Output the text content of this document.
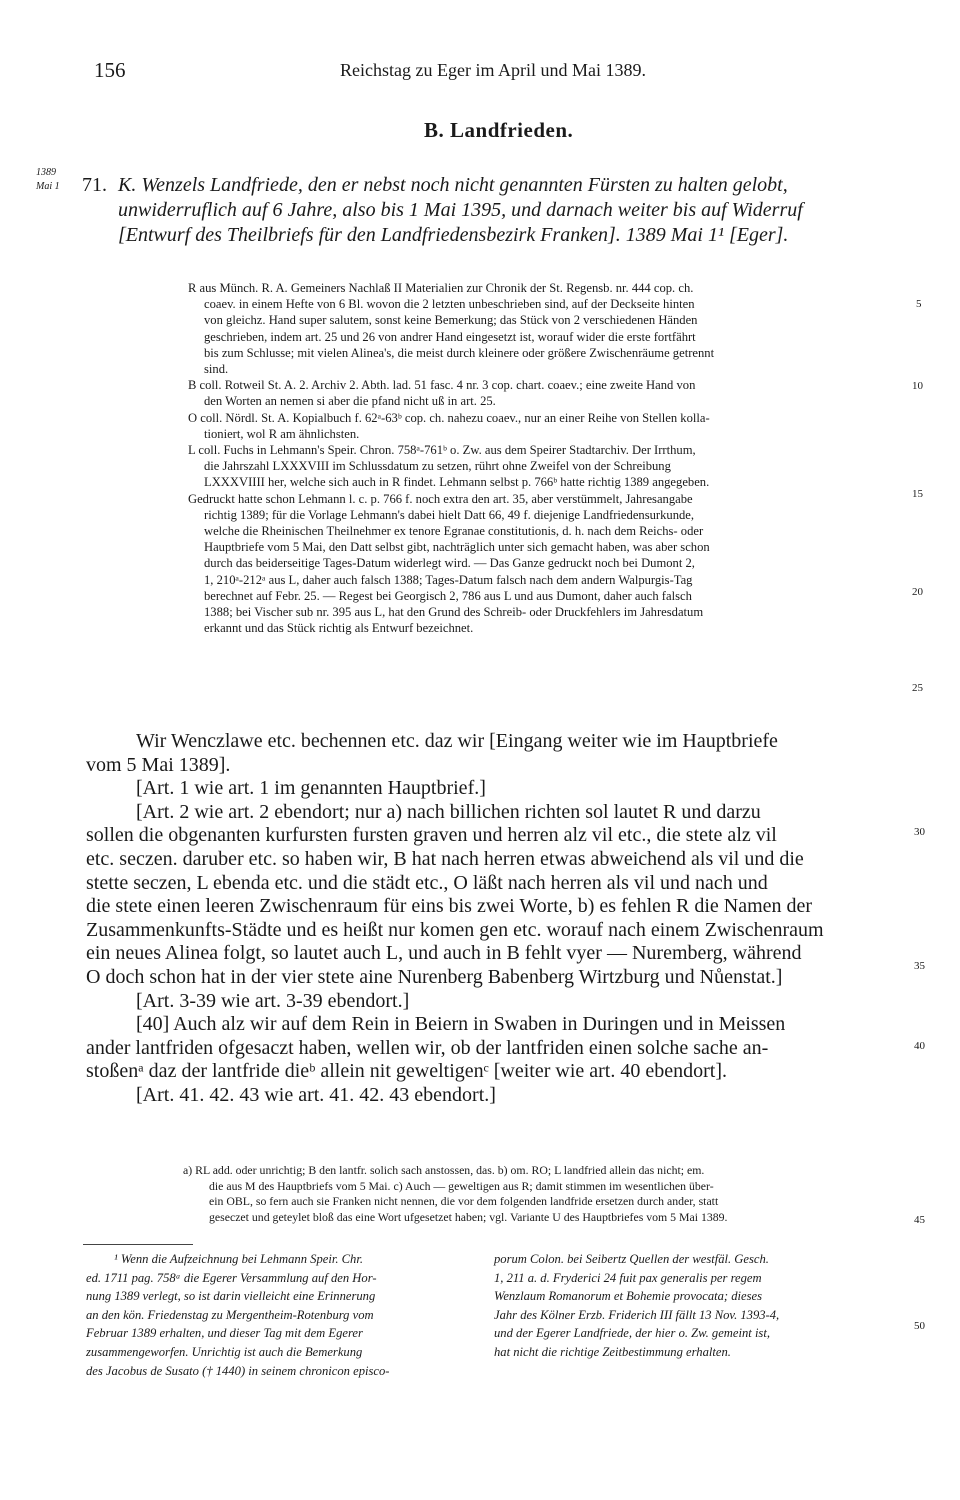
156	Reichstag zu Eger im April und Mai 1389.
B. Landfrieden.
1389
Mai 1 71. K. Wenzels Landfriede, den er nebst noch nicht genannten Fürsten zu halten gelobt,
unwiderruflich auf 6 Jahre, also bis 1 Mai 1395, und darnach weiter bis auf Widerruf
[Entwurf des Theilbriefs für den Landfriedensbezirk Franken]. 1389 Mai 1¹ [Eger].
R aus Münch. R. A. Gemeiners Nachlaß II Materialien zur Chronik der St. Regensb. nr. 444 cop. ch.
coaev. in einem Hefte von 6 Bl. wovon die 2 letzten unbeschrieben sind, auf der Deckseite hinten
von gleichz. Hand super salutem, sonst keine Bemerkung; das Stück von 2 verschiedenen Händen
geschrieben, indem art. 25 und 26 von andrer Hand eingesetzt ist, worauf wider die erste fortfährt
bis zum Schlusse; mit vielen Alinea's, die meist durch kleinere oder größere Zwischenräume getrennt
sind.
B coll. Rotweil St. A. 2. Archiv 2. Abth. lad. 51 fasc. 4 nr. 3 cop. chart. coaev.; eine zweite Hand von
den Worten an nemen si aber die pfand nicht uß in art. 25.
O coll. Nördl. St. A. Kopialbuch f. 62ᵃ-63ᵇ cop. ch. nahezu coaev., nur an einer Reihe von Stellen kolla-
tioniert, wol R am ähnlichsten.
L coll. Fuchs in Lehmann's Speir. Chron. 758ᵃ-761ᵇ o. Zw. aus dem Speirer Stadtarchiv. Der Irrthum,
die Jahrszahl LXXXVIII im Schlussdatum zu setzen, rührt ohne Zweifel von der Schreibung
LXXXVIIII her, welche sich auch in R findet. Lehmann selbst p. 766ᵇ hatte richtig 1389 angegeben.
Gedruckt hatte schon Lehmann l. c. p. 766 f. noch extra den art. 35, aber verstümmelt, Jahresangabe
richtig 1389; für die Vorlage Lehmann's dabei hielt Datt 66, 49 f. diejenige Landfriedensurkunde,
welche die Rheinischen Theilnehmer ex tenore Egranae constitutionis, d. h. nach dem Reichs- oder
Hauptbriefe vom 5 Mai, den Datt selbst gibt, nachträglich unter sich gemacht haben, was aber schon
durch das beiderseitige Tages-Datum widerlegt wird. — Das Ganze gedruckt noch bei Dumont 2,
1, 210ᵃ-212ᵃ aus L, daher auch falsch 1388; Tages-Datum falsch nach dem andern Walpurgis-Tag
berechnet auf Febr. 25. — Regest bei Georgisch 2, 786 aus L und aus Dumont, daher auch falsch
1388; bei Vischer sub nr. 395 aus L, hat den Grund des Schreib- oder Druckfehlers im Jahresdatum
erkannt und das Stück richtig als Entwurf bezeichnet.
5
10
15
20
25
Wir Wenczlawe etc. bechennen etc. daz wir [Eingang weiter wie im Hauptbriefe
vom 5 Mai 1389].
[Art. 1 wie art. 1 im genannten Hauptbrief.]
[Art. 2 wie art. 2 ebendort; nur a) nach billichen richten sol lautet R und darzu
sollen die obgenanten kurfursten fursten graven und herren alz vil etc., die stete alz vil
etc. seczen. daruber etc. so haben wir, B hat nach herren etwas abweichend als vil und die
stette seczen, L ebenda etc. und die städt etc., O läßt nach herren als vil und nach und
die stete einen leeren Zwischenraum für eins bis zwei Worte, b) es fehlen R die Namen der
Zusammenkunfts-Städte und es heißt nur komen gen etc. worauf nach einem Zwischenraum
ein neues Alinea folgt, so lautet auch L, und auch in B fehlt vyer — Nuremberg, während
O doch schon hat in der vier stete aine Nurenberg Babenberg Wirtzburg und Nůenstat.]
[Art. 3-39 wie art. 3-39 ebendort.]
[40] Auch alz wir auf dem Rein in Beiern in Swaben in Duringen und in Meissen
ander lantfriden ofgesaczt haben, wellen wir, ob der lantfriden einen solche sache an-
stoßenᵃ daz der lantfride dieᵇ allein nit geweltigenᶜ [weiter wie art. 40 ebendort].
[Art. 41. 42. 43 wie art. 41. 42. 43 ebendort.]
30
35
40
a) RL add. oder unrichtig; B den lantfr. solich sach anstossen, das. b) om. RO; L landfried allein das nicht; em.
die aus M des Hauptbriefs vom 5 Mai. c) Auch — geweltigen aus R; damit stimmen im wesentlichen über-
ein OBL, so fern auch sie Franken nicht nennen, die vor dem folgenden landfride ersetzen durch ander, statt
geseczet und geteylet bloß das eine Wort ufgesetzet haben; vgl. Variante U des Hauptbriefes vom 5 Mai 1389.	45
¹ Wenn die Aufzeichnung bei Lehmann Speir. Chr.
ed. 1711 pag. 758ᵃ die Egerer Versammlung auf den Hor-
nung 1389 verlegt, so ist darin vielleicht eine Erinnerung
an den kön. Friedenstag zu Mergentheim-Rotenburg vom
Februar 1389 erhalten, und dieser Tag mit dem Egerer
zusammengeworfen. Unrichtig ist auch die Bemerkung
des Jacobus de Susato († 1440) in seinem chronicon episco-
porum Colon. bei Seibertz Quellen der westfäl. Gesch.
1, 211 a. d. Fryderici 24 fuit pax generalis per regem
Wenzlaum Romanorum et Bohemie provocata; dieses
Jahr des Kölner Erzb. Friderich III fällt 13 Nov. 1393-4,
und der Egerer Landfriede, der hier o. Zw. gemeint ist,
hat nicht die richtige Zeitbestimmung erhalten.
50
